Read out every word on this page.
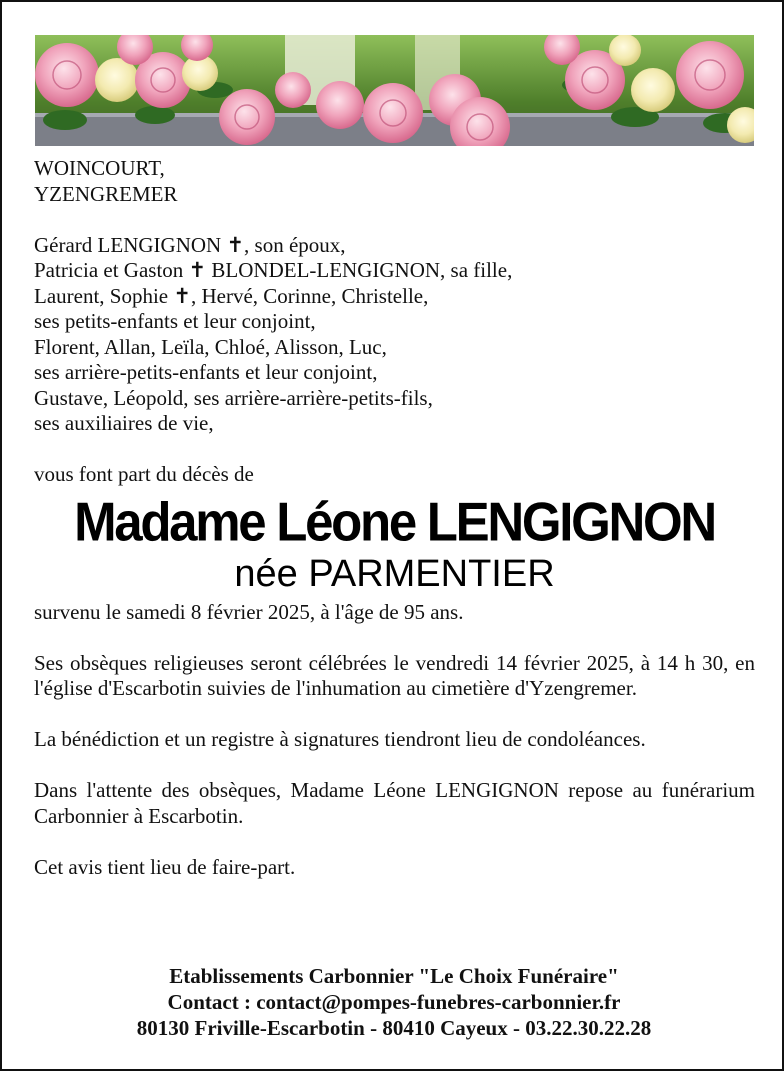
WOINCOURT,
YZENGREMER
Gérard LENGIGNON ✝, son époux,
Patricia et Gaston ✝ BLONDEL-LENGIGNON, sa fille,
Laurent, Sophie ✝, Hervé, Corinne, Christelle,
ses petits-enfants et leur conjoint,
Florent, Allan, Leïla, Chloé, Alisson, Luc,
ses arrière-petits-enfants et leur conjoint,
Gustave, Léopold, ses arrière-arrière-petits-fils,
ses auxiliaires de vie,
vous font part du décès de
Madame Léone LENGIGNON
née PARMENTIER
survenu le samedi 8 février 2025, à l'âge de 95 ans.
Ses obsèques religieuses seront célébrées le vendredi 14 février 2025, à 14 h 30, en l'église d'Escarbotin suivies de l'inhumation au cimetière d'Yzengremer.
La bénédiction et un registre à signatures tiendront lieu de condoléances.
Dans l'attente des obsèques, Madame Léone LENGIGNON repose au funérarium Carbonnier à Escarbotin.
Cet avis tient lieu de faire-part.
Etablissements Carbonnier "Le Choix Funéraire"
Contact : contact@pompes-funebres-carbonnier.fr
80130 Friville-Escarbotin - 80410 Cayeux - 03.22.30.22.28
